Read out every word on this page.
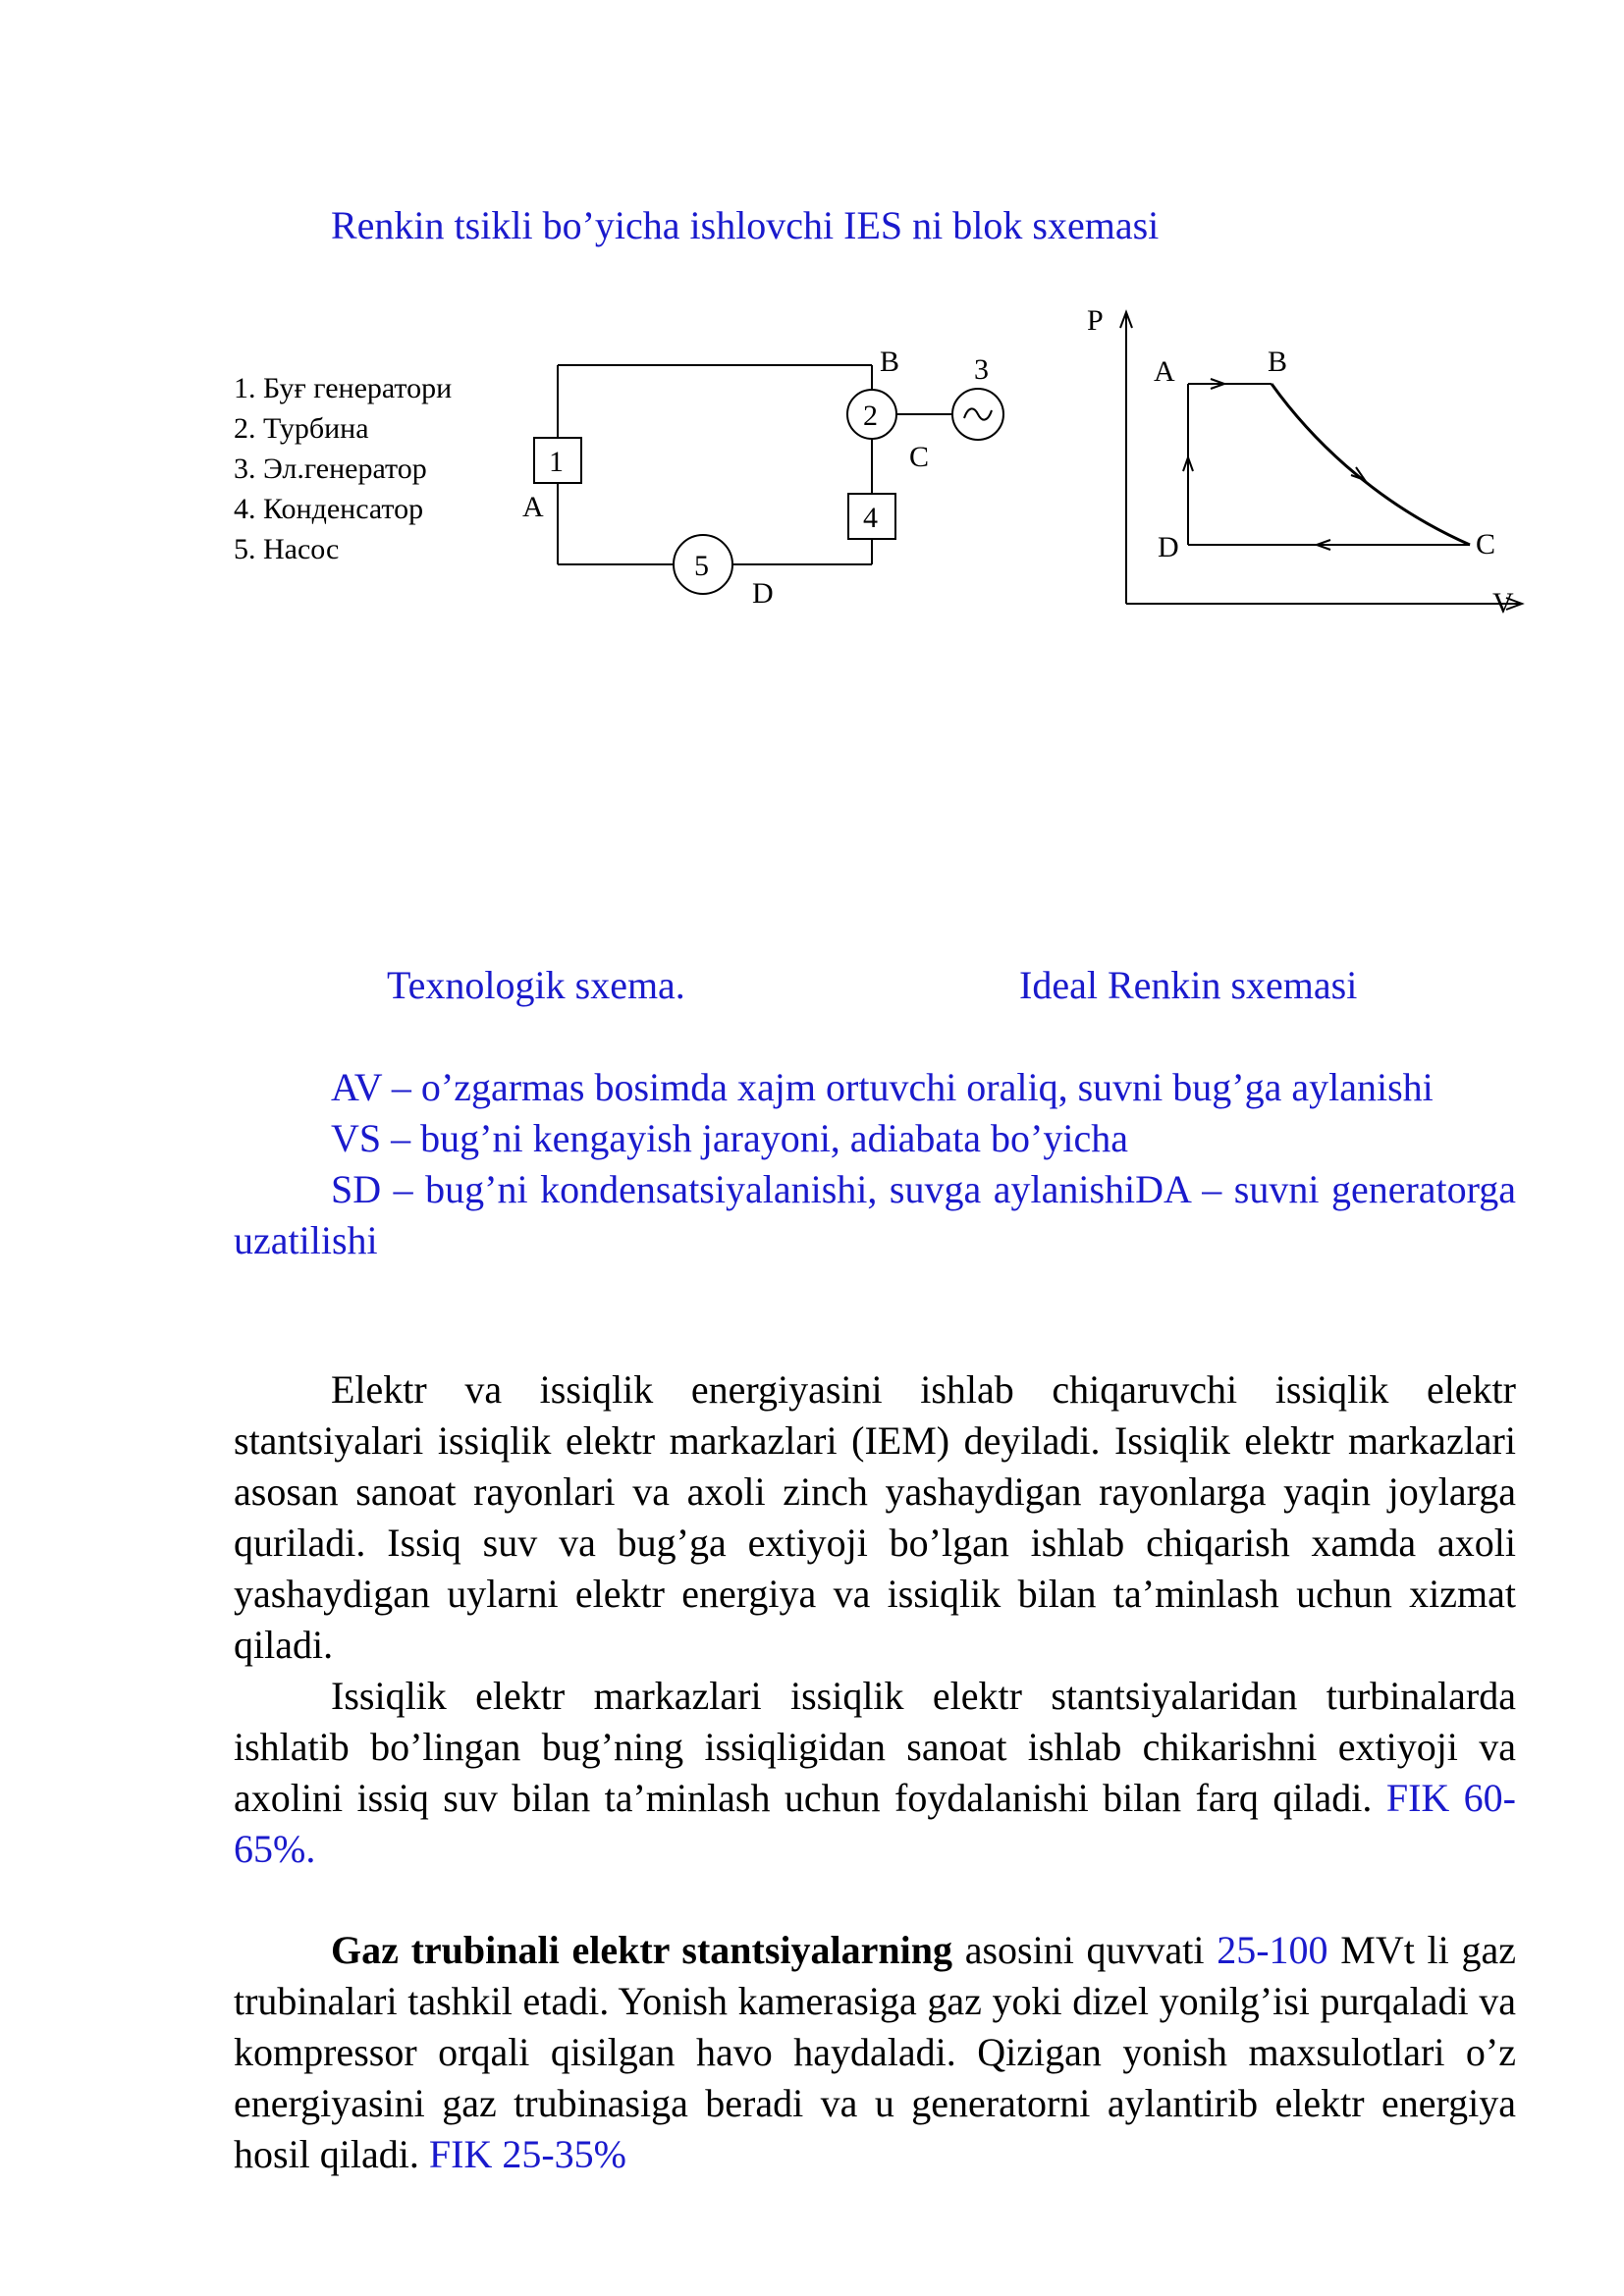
Renkin tsikli bo’yicha ishlovchi IES ni blok sxemasi
1. Буғ генератори
2. Турбина
3. Эл.генератор
4. Конденсатор
5. Насос
1
2
3
4
5
A
B
C
D
P
V
A	B
C
D
Texnologik sxema.	Ideal Renkin sxemasi
AV – o’zgarmas bosimda xajm ortuvchi oraliq, suvni bug’ga aylanishi
VS – bug’ni kengayish jarayoni, adiabata bo’yicha
SD – bug’ni kondensatsiyalanishi, suvga aylanishiDA – suvni generatorga uzatilishi

Elektr va issiqlik energiyasini ishlab chiqaruvchi issiqlik elektr stantsiyalari issiqlik elektr markazlari (IEM) deyiladi. Issiqlik elektr markazlari asosan sanoat rayonlari va axoli zinch yashaydigan rayonlarga yaqin joylarga quriladi. Issiq suv va bug’ga extiyoji bo’lgan ishlab chiqarish xamda axoli yashaydigan uylarni elektr energiya va issiqlik bilan ta’minlash uchun xizmat qiladi.

Issiqlik elektr markazlari issiqlik elektr stantsiyalaridan turbinalarda ishlatib bo’lingan bug’ning issiqligidan sanoat ishlab chikarishni extiyoji va axolini issiq suv bilan ta’minlash uchun foydalanishi bilan farq qiladi. FIK 60-65%.

Gaz trubinali elektr stantsiyalarning asosini quvvati 25-100 MVt li gaz trubinalari tashkil etadi. Yonish kamerasiga gaz yoki dizel yonilg’isi purqaladi va kompressor orqali qisilgan havo haydaladi. Qizigan yonish maxsulotlari o’z energiyasini gaz trubinasiga beradi va u generatorni aylantirib elektr energiya hosil qiladi. FIK 25-35%
